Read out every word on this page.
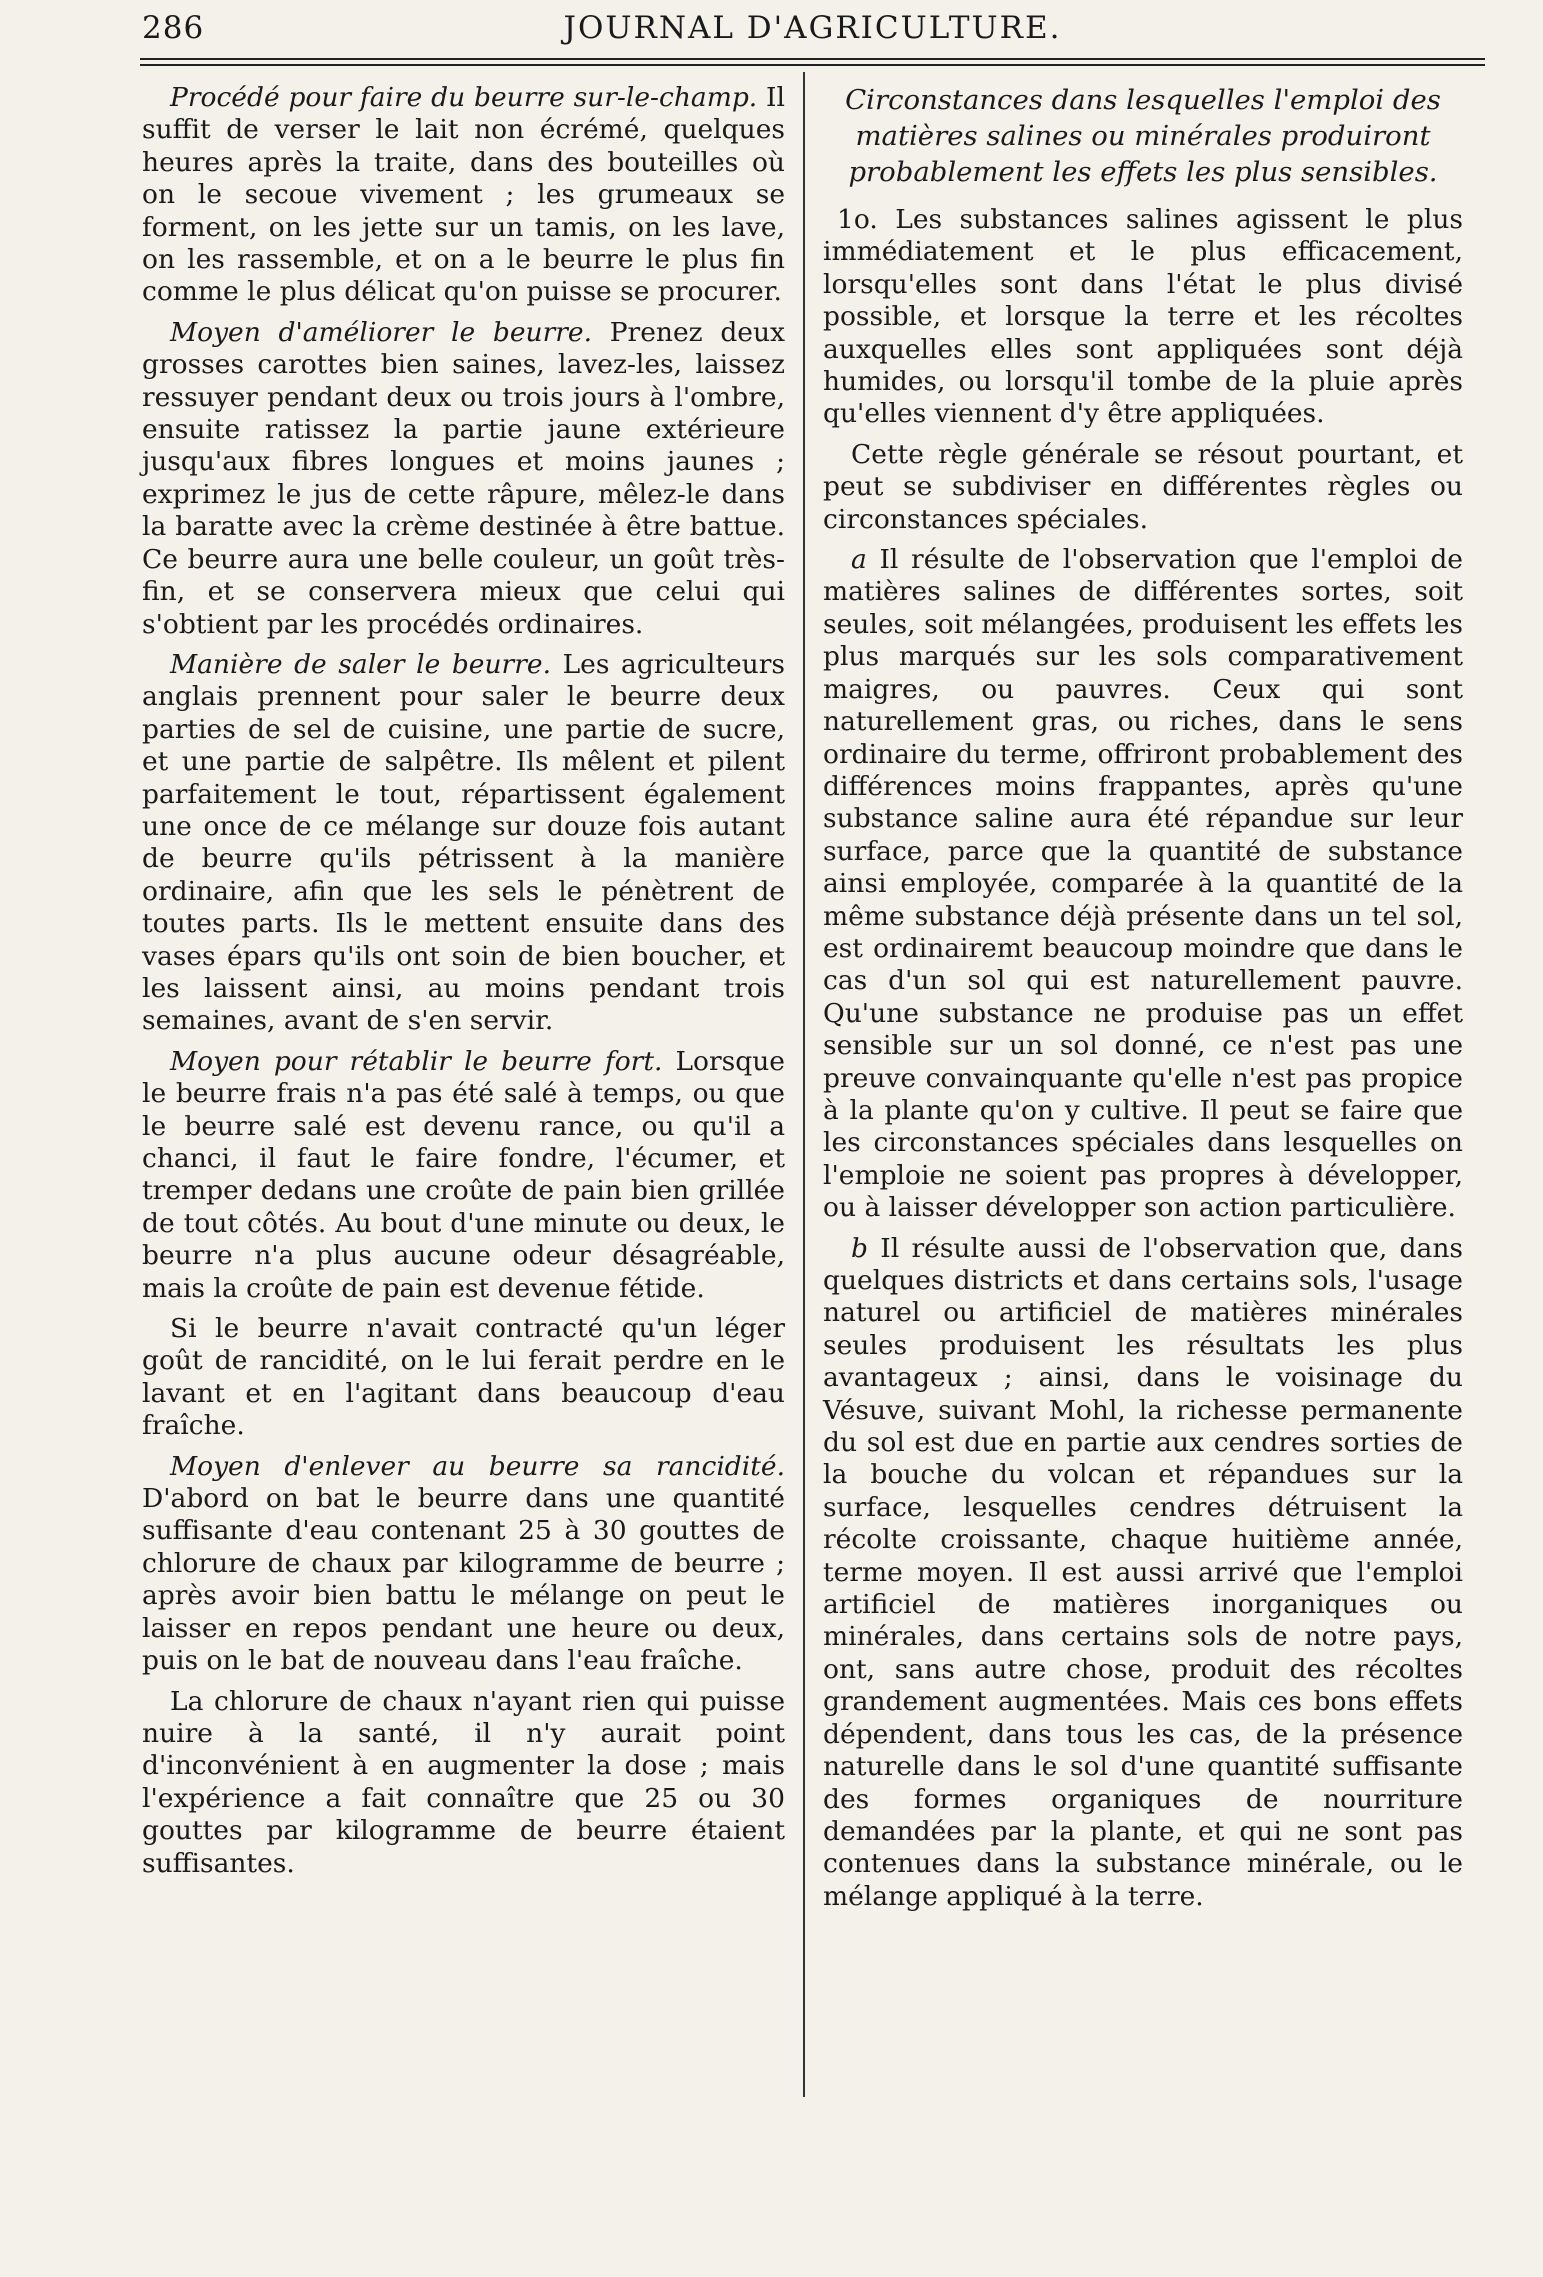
286	JOURNAL D'AGRICULTURE.

Procédé pour faire du beurre sur-le-champ. Il suffit de verser le lait non écrémé, quelques heures après la traite, dans des bouteilles où on le secoue vivement ; les grumeaux se forment, on les jette sur un tamis, on les lave, on les rassemble, et on a le beurre le plus fin comme le plus délicat qu'on puisse se procurer.

Moyen d'améliorer le beurre. Prenez deux grosses carottes bien saines, lavez-les, laissez ressuyer pendant deux ou trois jours à l'ombre, ensuite ratissez la partie jaune extérieure jusqu'aux fibres longues et moins jaunes ; exprimez le jus de cette râpure, mêlez-le dans la baratte avec la crème destinée à être battue. Ce beurre aura une belle couleur, un goût très-fin, et se conservera mieux que celui qui s'obtient par les procédés ordinaires.

Manière de saler le beurre. Les agriculteurs anglais prennent pour saler le beurre deux parties de sel de cuisine, une partie de sucre, et une partie de salpêtre. Ils mêlent et pilent parfaitement le tout, répartissent également une once de ce mélange sur douze fois autant de beurre qu'ils pétrissent à la manière ordinaire, afin que les sels le pénètrent de toutes parts. Ils le mettent ensuite dans des vases épars qu'ils ont soin de bien boucher, et les laissent ainsi, au moins pendant trois semaines, avant de s'en servir.

Moyen pour rétablir le beurre fort. Lorsque le beurre frais n'a pas été salé à temps, ou que le beurre salé est devenu rance, ou qu'il a chanci, il faut le faire fondre, l'écumer, et tremper dedans une croûte de pain bien grillée de tout côtés. Au bout d'une minute ou deux, le beurre n'a plus aucune odeur désagréable, mais la croûte de pain est devenue fétide.

Si le beurre n'avait contracté qu'un léger goût de rancidité, on le lui ferait perdre en le lavant et en l'agitant dans beaucoup d'eau fraîche.

Moyen d'enlever au beurre sa rancidité. D'abord on bat le beurre dans une quantité suffisante d'eau contenant 25 à 30 gouttes de chlorure de chaux par kilogramme de beurre ; après avoir bien battu le mélange on peut le laisser en repos pendant une heure ou deux, puis on le bat de nouveau dans l'eau fraîche.

La chlorure de chaux n'ayant rien qui puisse nuire à la santé, il n'y aurait point d'inconvénient à en augmenter la dose ; mais l'expérience a fait connaître que 25 ou 30 gouttes par kilogramme de beurre étaient suffisantes.

Circonstances dans lesquelles l'emploi des matières salines ou minérales produiront probablement les effets les plus sensibles.

1o. Les substances salines agissent le plus immédiatement et le plus efficacement, lorsqu'elles sont dans l'état le plus divisé possible, et lorsque la terre et les récoltes auxquelles elles sont appliquées sont déjà humides, ou lorsqu'il tombe de la pluie après qu'elles viennent d'y être appliquées.

Cette règle générale se résout pourtant, et peut se subdiviser en différentes règles ou circonstances spéciales.

a Il résulte de l'observation que l'emploi de matières salines de différentes sortes, soit seules, soit mélangées, produisent les effets les plus marqués sur les sols comparativement maigres, ou pauvres. Ceux qui sont naturellement gras, ou riches, dans le sens ordinaire du terme, offriront probablement des différences moins frappantes, après qu'une substance saline aura été répandue sur leur surface, parce que la quantité de substance ainsi employée, comparée à la quantité de la même substance déjà présente dans un tel sol, est ordinairemt beaucoup moindre que dans le cas d'un sol qui est naturellement pauvre. Qu'une substance ne produise pas un effet sensible sur un sol donné, ce n'est pas une preuve convainquante qu'elle n'est pas propice à la plante qu'on y cultive. Il peut se faire que les circonstances spéciales dans lesquelles on l'emploie ne soient pas propres à développer, ou à laisser développer son action particulière.

b Il résulte aussi de l'observation que, dans quelques districts et dans certains sols, l'usage naturel ou artificiel de matières minérales seules produisent les résultats les plus avantageux ; ainsi, dans le voisinage du Vésuve, suivant Mohl, la richesse permanente du sol est due en partie aux cendres sorties de la bouche du volcan et répandues sur la surface, lesquelles cendres détruisent la récolte croissante, chaque huitième année, terme moyen. Il est aussi arrivé que l'emploi artificiel de matières inorganiques ou minérales, dans certains sols de notre pays, ont, sans autre chose, produit des récoltes grandement augmentées. Mais ces bons effets dépendent, dans tous les cas, de la présence naturelle dans le sol d'une quantité suffisante des formes organiques de nourriture demandées par la plante, et qui ne sont pas contenues dans la substance minérale, ou le mélange appliqué à la terre.
